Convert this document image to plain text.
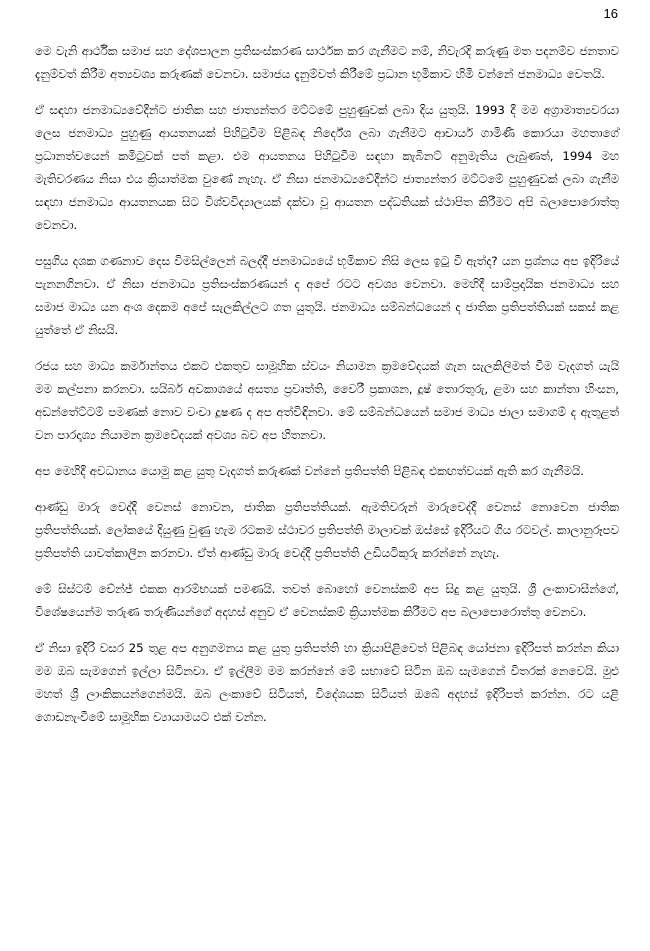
16

මෙ වැනි ආර්ථික සමාජ සහ දේශපාලන ප්‍රතිසංස්කරණ සාර්ථක කර ගැනීමට නම්, නිවැරදි කරුණු මත පදනම්ව ජනතාව දැනුම්වත් කිරීම අත්‍යවශ්‍ය කරුණක් වෙනවා. සමාජය දැනුම්වත් කිරීමේ ප්‍රධාන භූමිකාව හිමි වන්නේ ජනමාධ්‍ය වෙතයි.

ඒ සඳහා ජනමාධ්‍යවේදීන්ට ජාතික සහ ජාත්‍යන්තර මට්ටමේ පුහුණුවක් ලබා දිය යුතුයි. 1993 දී මම අග්‍රාමාත්‍යවරයා ලෙස ජනමාධ්‍ය පුහුණු ආයතනයක් පිහිටුවීම පිළිබඳ නිර්දේශ ලබා ගැනීමට ආචාර්ය ගාමිණී කොරයා මහතාගේ ප්‍රධානත්වයෙන් කමිටුවක් පත් කළා. එම ආයතනය පිහිටුවීම සඳහා කැබිනට් අනුමැතිය ලැබුණත්, 1994 මහ මැතිවරණය නිසා එය ක්‍රියාත්මක වුණේ නැහැ. ඒ නිසා ජනමාධ්‍යවේදීන්ට ජාත්‍යන්තර මට්ටමේ පුහුණුවක් ලබා ගැනීම සඳහා ජනමාධ්‍ය ආයතනයක සිට විශ්වවිද්‍යාලයක් දක්වා වූ ආයතන පද්ධතියක් ස්ථාපිත කිරීමට අපි බලාපොරොත්තු වෙනවා.

පසුගිය දශක ගණනාව දෙස විමසිල්ලෙන් බලද්දී ජනමාධ්‍යයේ භූමිකාව නිසි ලෙස ඉටු වී ඇත්ද? යන ප්‍රශ්නය අප ඉදිරියේ පැනනගිනවා. ඒ නිසා ජනමාධ්‍ය ප්‍රතිසංස්කරණයන් ද අපේ රටට අවශ්‍ය වෙනවා. මෙහිදී සාම්ප්‍රදායික ජනමාධ්‍ය සහ සමාජ මාධ්‍ය යන අංශ දෙකම අපේ සැලකිල්ලට ගත යුතුයි. ජනමාධ්‍ය සම්බන්ධයෙන් ද ජාතික ප්‍රතිපත්තියක් සකස් කළ යුත්තේ ඒ නිසයි.

රජය සහ මාධ්‍ය කර්මාන්තය එකට එකතුව සාමූහික ස්වයං නියාමන ක්‍රමවේදයක් ගැන සැලකිලිමත් වීම වැදගත් යැයි මම කල්පනා කරනවා. සයිබර් අවකාශයේ අසත්‍ය ප්‍රවෘත්ති, වෛරී ප්‍රකාශන, දූෂ් තොරතුරු, ළමා සහ කාන්තා හිංසන, අඩන්තේට්ටම් පමණක් නොව වංචා දූෂණ ද අප අත්විඳිනවා. මේ සම්බන්ධයෙන් සමාජ මාධ්‍ය ජාලා සමාගම් ද ඇතුළත් වන පාරදෘශ්‍ය නියාමන ක්‍රමවේදයක් අවශ්‍ය බව අප හිතනවා.

අප මෙහිදී අවධානය යොමු කළ යුතු වැදගත් කරුණක් වන්නේ ප්‍රතිපත්ති පිළිබඳ එකඟත්වයක් ඇති කර ගැනීමයි.

ආණ්ඩු මාරු වෙද්දී වෙනස් නොවන, ජාතික ප්‍රතිපත්තියක්. ඇමතිවරුන් මාරුවෙද්දී වෙනස් නොවෙන ජාතික ප්‍රතිපත්තියක්. ලෝකයේ දියුණු වුණු හැම රටකම ස්ථාවර ප්‍රතිපත්ති මාලාවක් ඔස්සේ ඉදිරියට ගිය රටවල්. කාලානුරූපව ප්‍රතිපත්ති යාවත්කාලීන කරනවා. ඒත් ආණ්ඩු මාරු වෙද්දී ප්‍රතිපත්ති උඩියටිකුරු කරන්නේ නැහැ.

මේ සිස්ටම් චේන්ජ් එකක ආරම්භයක් පමණයි. තවත් බොහෝ වෙනස්කම් අප සිදු කළ යුතුයි. ශ්‍රී ලංකාවාසීන්ගේ, විශේෂයෙන්ම තරුණ තරුණියන්ගේ අදහස් අනුව ඒ වෙනස්කම් ක්‍රියාත්මක කිරීමට අප බලාපොරොත්තු වෙනවා.

ඒ නිසා ඉදිරි වසර 25 තුළ අප අනුගමනය කළ යුතු ප්‍රතිපත්ති හා ක්‍රියාපිළිවෙත් පිළිබඳ යෝජනා ඉදිරිපත් කරන්න කියා මම ඔබ සැමගෙන් ඉල්ලා සිටිනවා. ඒ ඉල්ලීම මම කරන්නේ මේ සභාවේ සිටින ඔබ සැමගෙන් විතරක් නෙවෙයි. මුළු මහත් ශ්‍රී ලාංකිකයන්ගෙන්මයි. ඔබ ලංකාවේ සිටියත්, විදේශයක සිටියත් ඔබේ අදහස් ඉදිරිපත් කරන්න. රට යළි ගොඩනැංවීමේ සාමූහික ව්‍යායාමයට එක් වන්න.
